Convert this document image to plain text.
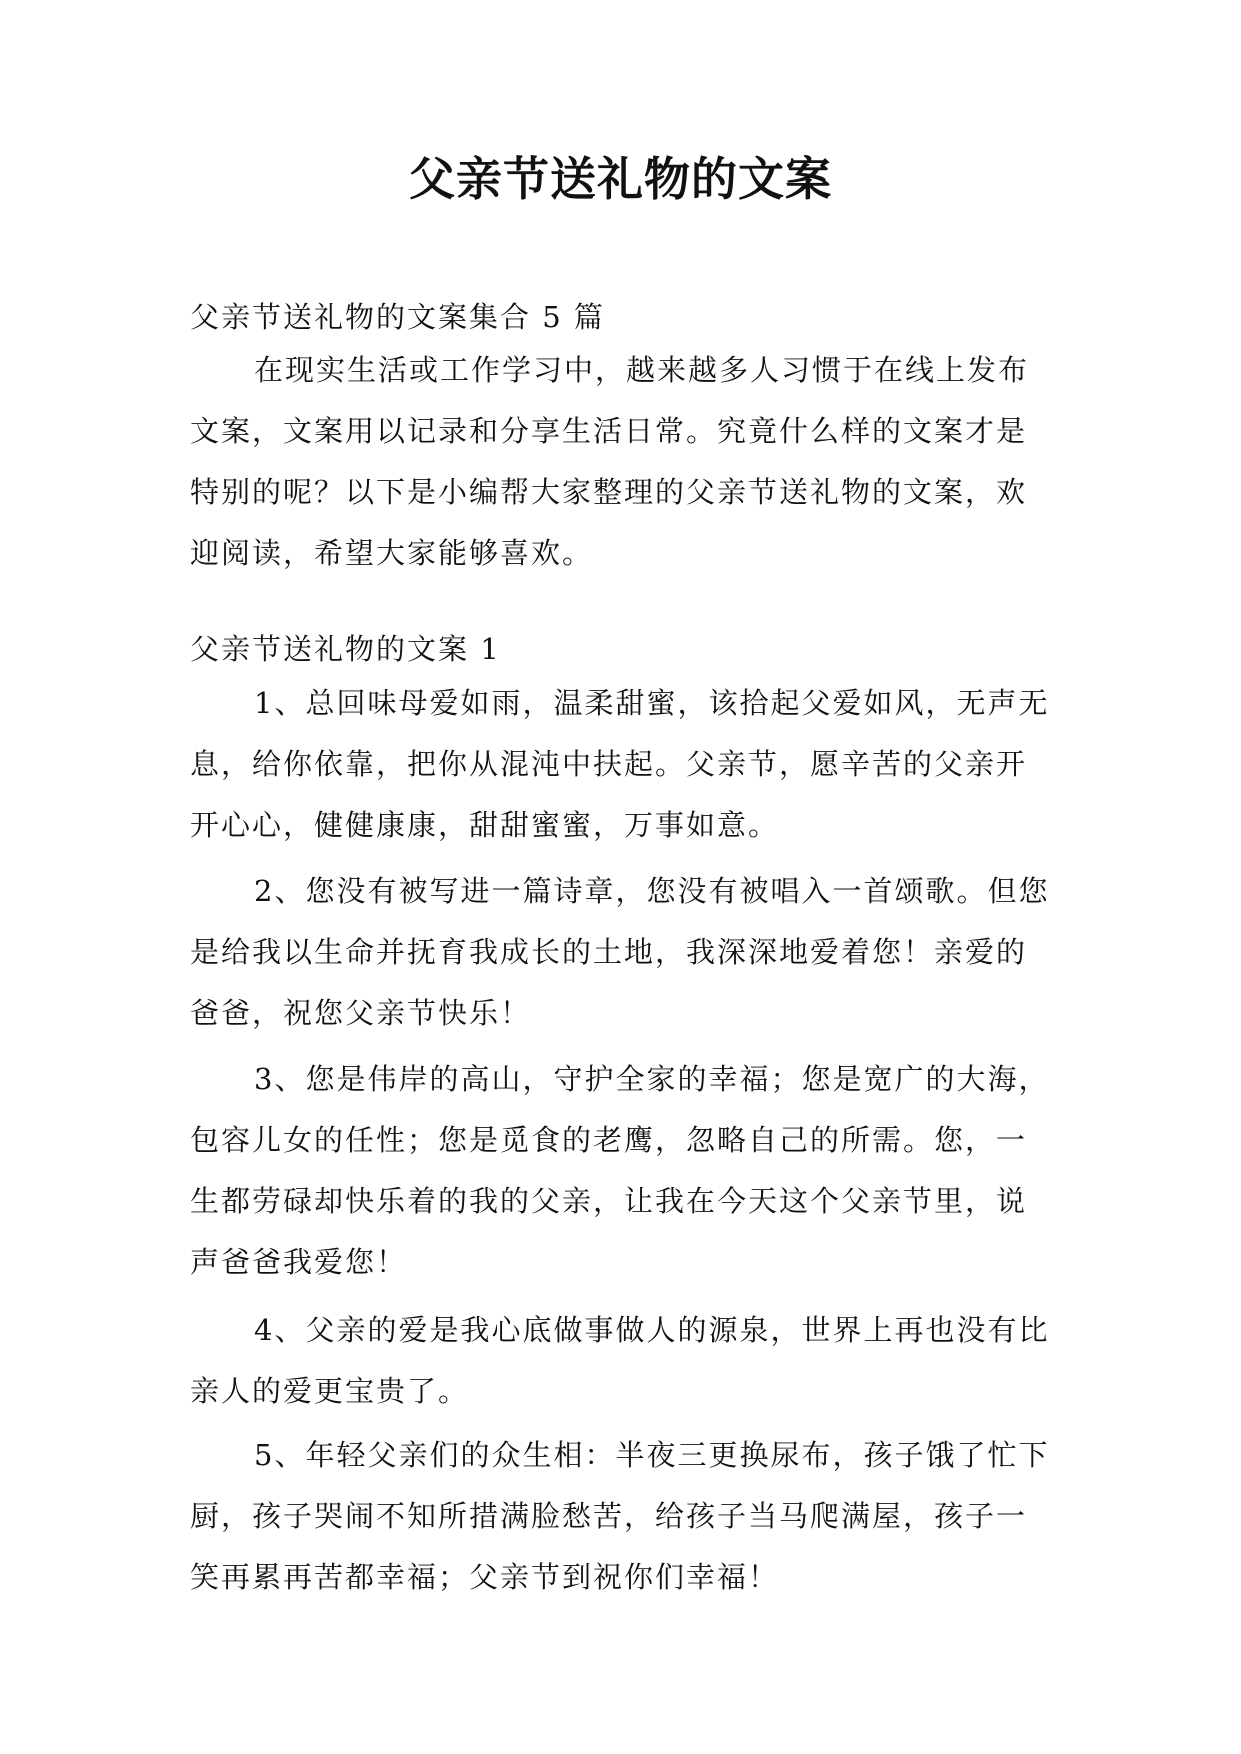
父亲节送礼物的文案
父亲节送礼物的文案集合 5 篇
在现实生活或工作学习中，越来越多人习惯于在线上发布文案，文案用以记录和分享生活日常。究竟什么样的文案才是特别的呢？以下是小编帮大家整理的父亲节送礼物的文案，欢迎阅读，希望大家能够喜欢。
父亲节送礼物的文案 1
1、总回味母爱如雨，温柔甜蜜，该拾起父爱如风，无声无息，给你依靠，把你从混沌中扶起。父亲节，愿辛苦的父亲开开心心，健健康康，甜甜蜜蜜，万事如意。
2、您没有被写进一篇诗章，您没有被唱入一首颂歌。但您是给我以生命并抚育我成长的土地，我深深地爱着您！亲爱的爸爸，祝您父亲节快乐！
3、您是伟岸的高山，守护全家的幸福；您是宽广的大海，包容儿女的任性；您是觅食的老鹰，忽略自己的所需。您，一生都劳碌却快乐着的我的父亲，让我在今天这个父亲节里，说声爸爸我爱您！
4、父亲的爱是我心底做事做人的源泉，世界上再也没有比亲人的爱更宝贵了。
5、年轻父亲们的众生相：半夜三更换尿布，孩子饿了忙下厨，孩子哭闹不知所措满脸愁苦，给孩子当马爬满屋，孩子一笑再累再苦都幸福；父亲节到祝你们幸福！
